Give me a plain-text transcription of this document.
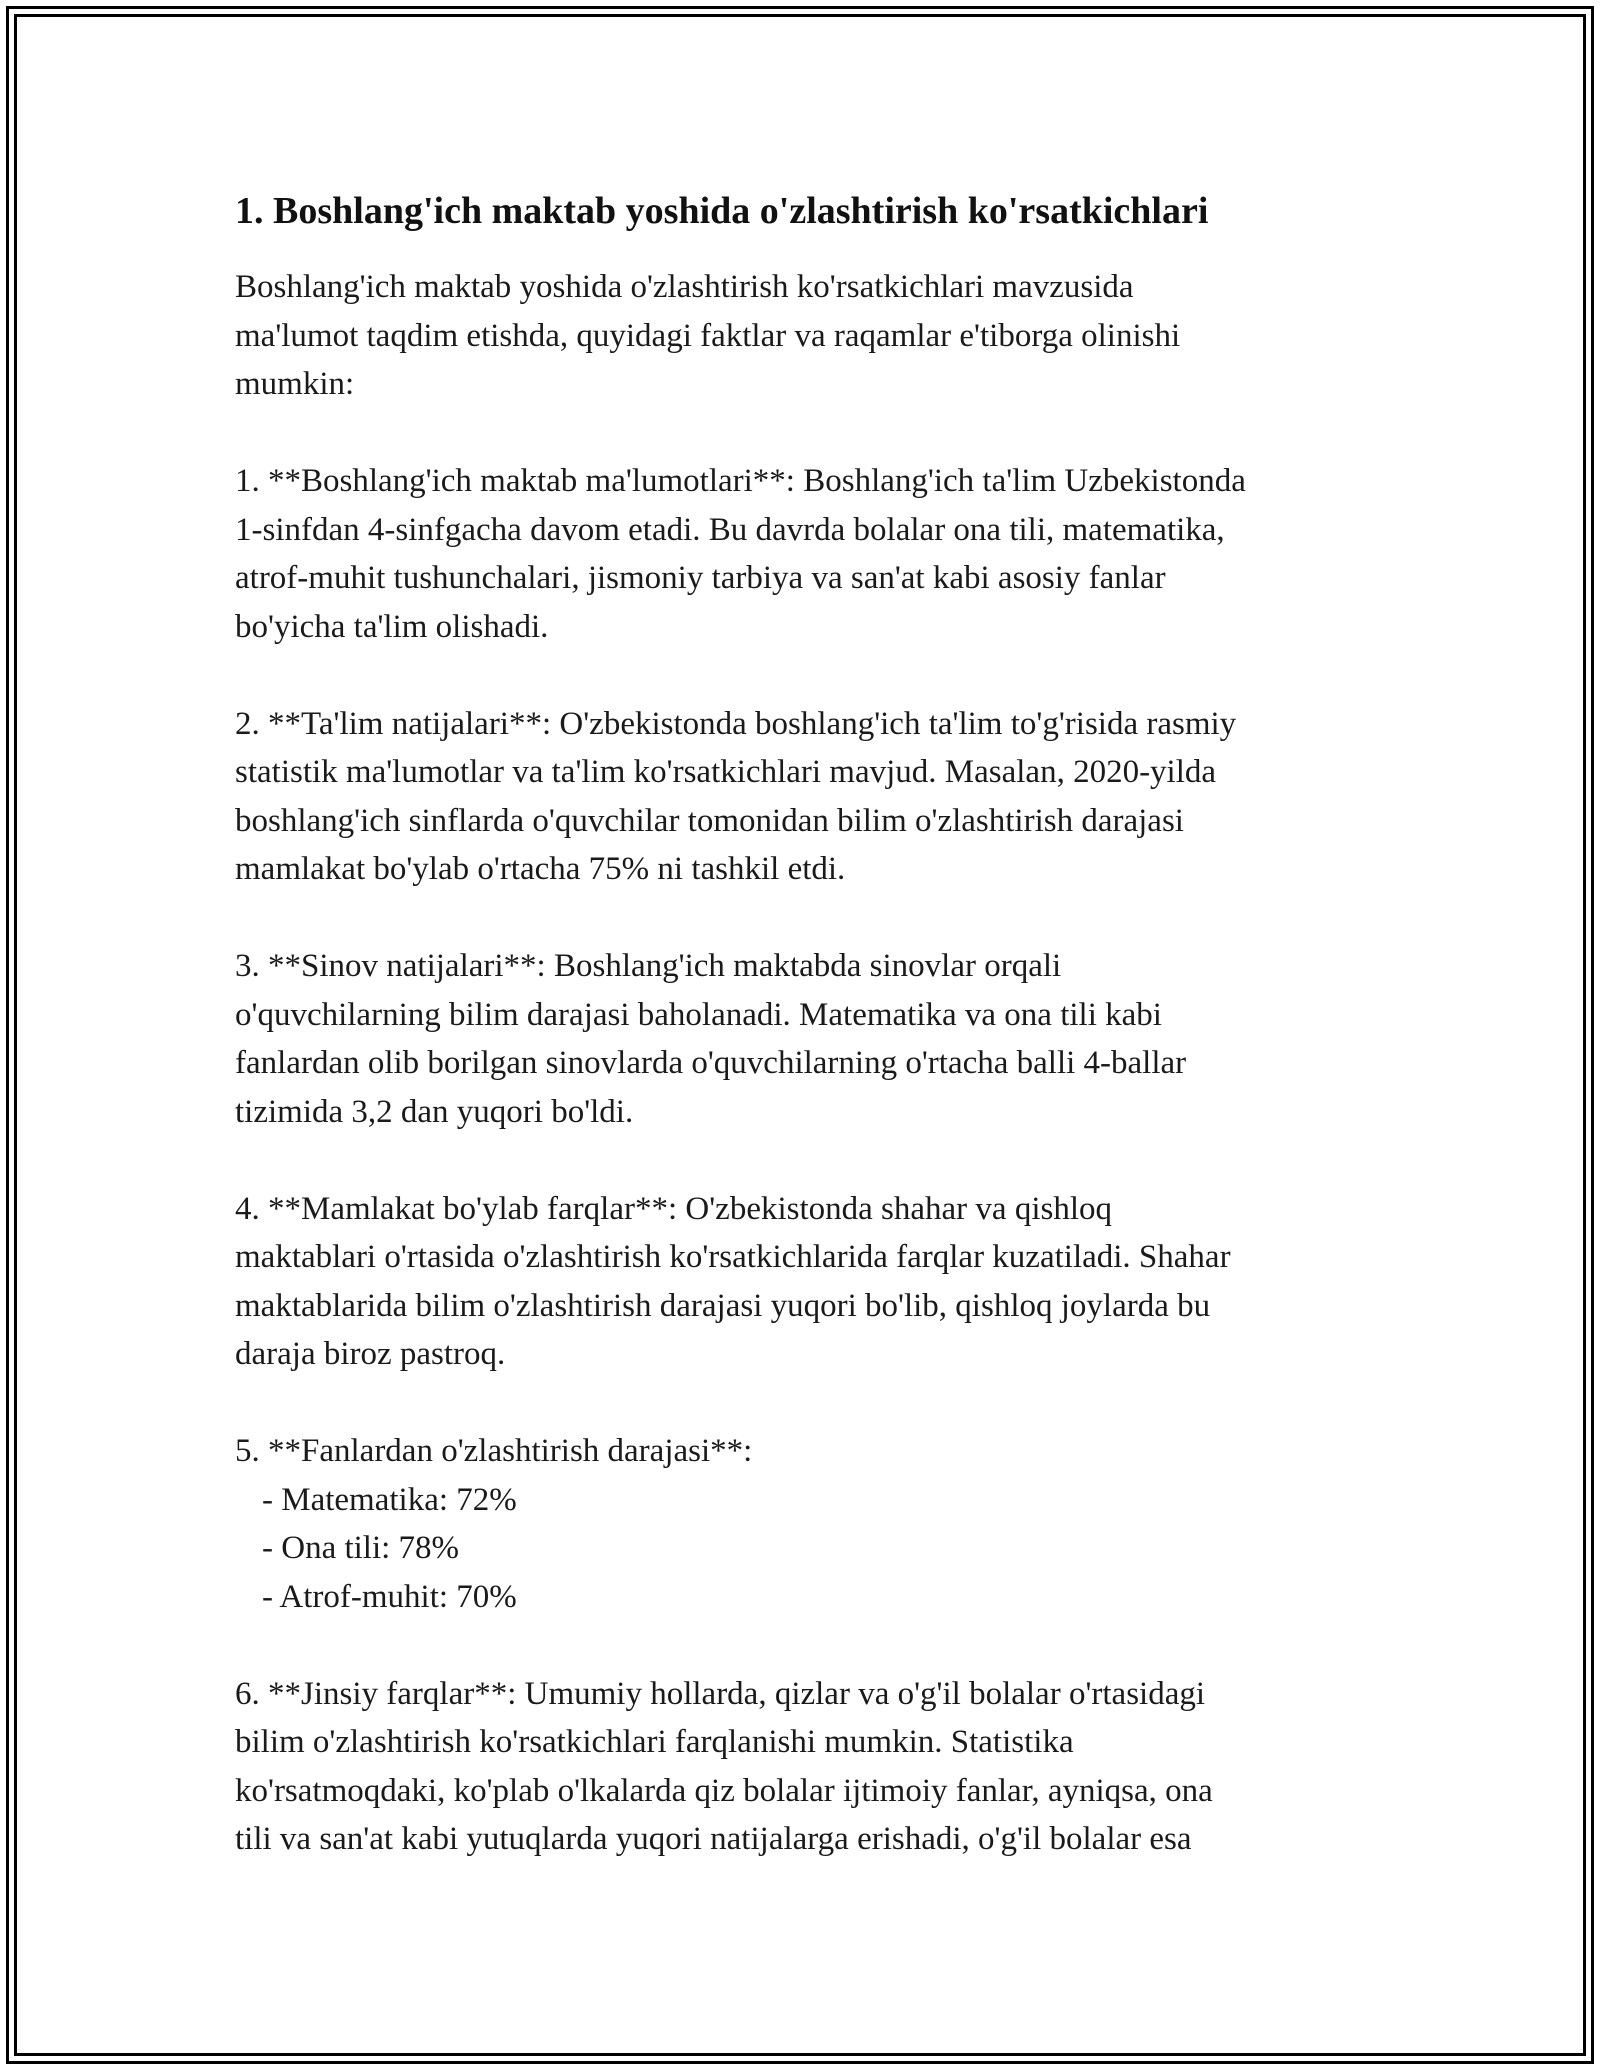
1. Boshlang'ich maktab yoshida o'zlashtirish ko'rsatkichlari

Boshlang'ich maktab yoshida o'zlashtirish ko'rsatkichlari mavzusida
ma'lumot taqdim etishda, quyidagi faktlar va raqamlar e'tiborga olinishi
mumkin:

1. **Boshlang'ich maktab ma'lumotlari**: Boshlang'ich ta'lim Uzbekistonda
1-sinfdan 4-sinfgacha davom etadi. Bu davrda bolalar ona tili, matematika,
atrof-muhit tushunchalari, jismoniy tarbiya va san'at kabi asosiy fanlar
bo'yicha ta'lim olishadi.

2. **Ta'lim natijalari**: O'zbekistonda boshlang'ich ta'lim to'g'risida rasmiy
statistik ma'lumotlar va ta'lim ko'rsatkichlari mavjud. Masalan, 2020-yilda
boshlang'ich sinflarda o'quvchilar tomonidan bilim o'zlashtirish darajasi
mamlakat bo'ylab o'rtacha 75% ni tashkil etdi.

3. **Sinov natijalari**: Boshlang'ich maktabda sinovlar orqali
o'quvchilarning bilim darajasi baholanadi. Matematika va ona tili kabi
fanlardan olib borilgan sinovlarda o'quvchilarning o'rtacha balli 4-ballar
tizimida 3,2 dan yuqori bo'ldi.

4. **Mamlakat bo'ylab farqlar**: O'zbekistonda shahar va qishloq
maktablari o'rtasida o'zlashtirish ko'rsatkichlarida farqlar kuzatiladi. Shahar
maktablarida bilim o'zlashtirish darajasi yuqori bo'lib, qishloq joylarda bu
daraja biroz pastroq.

5. **Fanlardan o'zlashtirish darajasi**:

- Matematika: 72%
- Ona tili: 78%
- Atrof-muhit: 70%

6. **Jinsiy farqlar**: Umumiy hollarda, qizlar va o'g'il bolalar o'rtasidagi
bilim o'zlashtirish ko'rsatkichlari farqlanishi mumkin. Statistika
ko'rsatmoqdaki, ko'plab o'lkalarda qiz bolalar ijtimoiy fanlar, ayniqsa, ona
tili va san'at kabi yutuqlarda yuqori natijalarga erishadi, o'g'il bolalar esa
